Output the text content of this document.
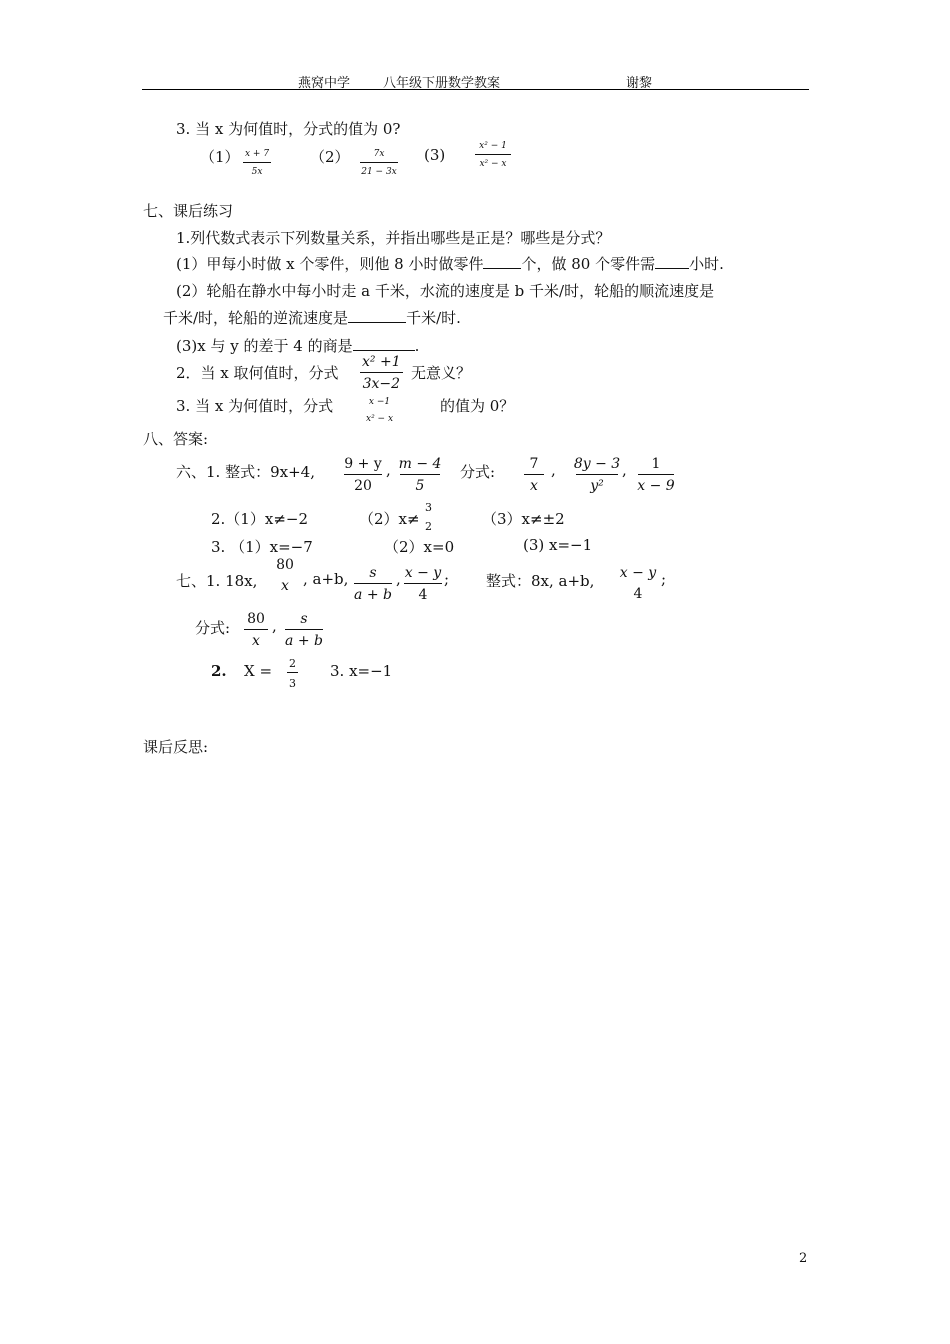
燕窝中学	八年级下册数学教案	谢黎
3. 当 x 为何值时，分式的值为 0?
（1） x + 7
5x
（2）	7x
21 − 3x
(3)	x² − 1
x² − x
七、课后练习
1.列代数式表示下列数量关系，并指出哪些是正是？哪些是分式？
(1）甲每小时做 x 个零件，则他 8 小时做零件	个，做 80 个零件需 小时.
(2）轮船在静水中每小时走 a 千米，水流的速度是 b 千米/时，轮船的顺流速度是
千米/时，轮船的逆流速度是	千米/时.
(3)x 与 y 的差于 4 的商是	.
2．当 x 取何值时，分式
x² +1
3x−2
无意义？
3. 当 x 为何值时，分式	x −1
x² − x
的值为 0？
八、答案:
六、1. 整式：9x+4, 9 + y
20
, m − 4
5
分式: 7
x
, 8y − 3
y²
, 1
x − 9
2.（1）x≠−2	（2）x≠
3
2	（3）x≠±2
3. （1）x=−7	（2）x=0	(3) x=−1
七、1. 18x,
80
x , a+b, s
a + b
, x − y
4
; 整式：8x, a+b, x − y
4
;
分式: 80
x
, s
a + b
2. X = 2
3
3. x=−1
课后反思:
2
